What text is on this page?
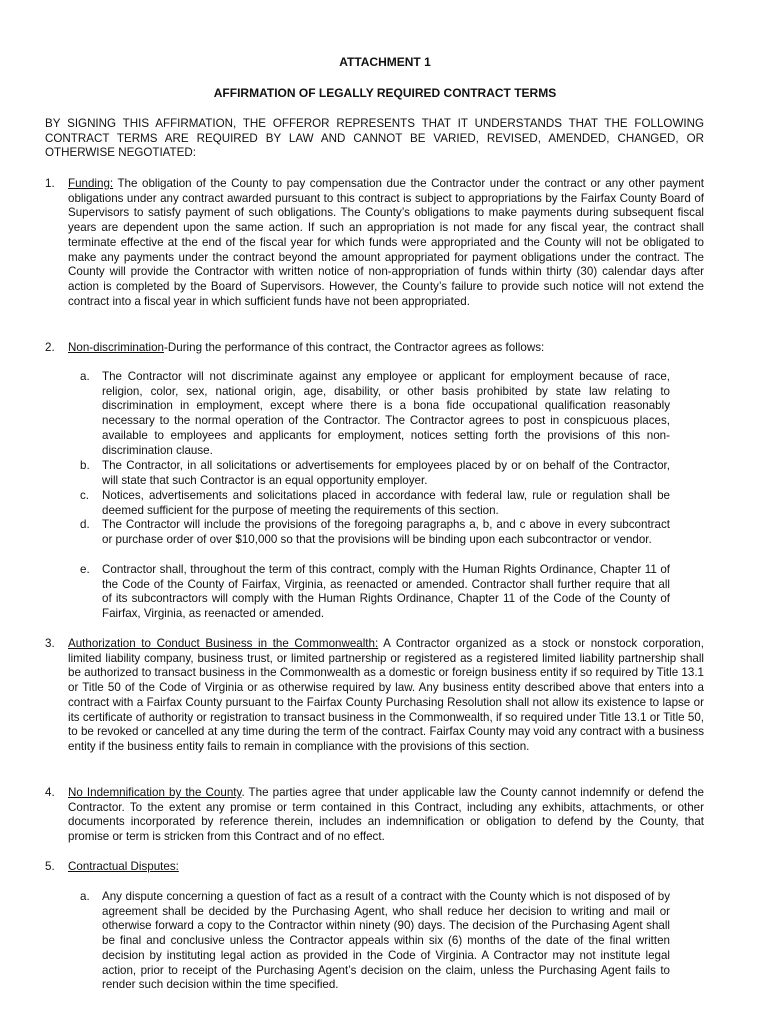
ATTACHMENT 1
AFFIRMATION OF LEGALLY REQUIRED CONTRACT TERMS
BY SIGNING THIS AFFIRMATION, THE OFFEROR REPRESENTS THAT IT UNDERSTANDS THAT THE FOLLOWING CONTRACT TERMS ARE REQUIRED BY LAW AND CANNOT BE VARIED, REVISED, AMENDED, CHANGED, OR OTHERWISE NEGOTIATED:
1.	Funding: The obligation of the County to pay compensation due the Contractor under the contract or any other payment obligations under any contract awarded pursuant to this contract is subject to appropriations by the Fairfax County Board of Supervisors to satisfy payment of such obligations. The County’s obligations to make payments during subsequent fiscal years are dependent upon the same action. If such an appropriation is not made for any fiscal year, the contract shall terminate effective at the end of the fiscal year for which funds were appropriated and the County will not be obligated to make any payments under the contract beyond the amount appropriated for payment obligations under the contract. The County will provide the Contractor with written notice of non-appropriation of funds within thirty (30) calendar days after action is completed by the Board of Supervisors. However, the County’s failure to provide such notice will not extend the contract into a fiscal year in which sufficient funds have not been appropriated.
2.	Non-discrimination-During the performance of this contract, the Contractor agrees as follows:
a.	The Contractor will not discriminate against any employee or applicant for employment because of race, religion, color, sex, national origin, age, disability, or other basis prohibited by state law relating to discrimination in employment, except where there is a bona fide occupational qualification reasonably necessary to the normal operation of the Contractor. The Contractor agrees to post in conspicuous places, available to employees and applicants for employment, notices setting forth the provisions of this non-discrimination clause.
b.	The Contractor, in all solicitations or advertisements for employees placed by or on behalf of the Contractor, will state that such Contractor is an equal opportunity employer.
c.	Notices, advertisements and solicitations placed in accordance with federal law, rule or regulation shall be deemed sufficient for the purpose of meeting the requirements of this section.
d.	The Contractor will include the provisions of the foregoing paragraphs a, b, and c above in every subcontract or purchase order of over $10,000 so that the provisions will be binding upon each subcontractor or vendor.
e.	Contractor shall, throughout the term of this contract, comply with the Human Rights Ordinance, Chapter 11 of the Code of the County of Fairfax, Virginia, as reenacted or amended. Contractor shall further require that all of its subcontractors will comply with the Human Rights Ordinance, Chapter 11 of the Code of the County of Fairfax, Virginia, as reenacted or amended.
3.	Authorization to Conduct Business in the Commonwealth: A Contractor organized as a stock or nonstock corporation, limited liability company, business trust, or limited partnership or registered as a registered limited liability partnership shall be authorized to transact business in the Commonwealth as a domestic or foreign business entity if so required by Title 13.1 or Title 50 of the Code of Virginia or as otherwise required by law. Any business entity described above that enters into a contract with a Fairfax County pursuant to the Fairfax County Purchasing Resolution shall not allow its existence to lapse or its certificate of authority or registration to transact business in the Commonwealth, if so required under Title 13.1 or Title 50, to be revoked or cancelled at any time during the term of the contract. Fairfax County may void any contract with a business entity if the business entity fails to remain in compliance with the provisions of this section.
4.	No Indemnification by the County. The parties agree that under applicable law the County cannot indemnify or defend the Contractor. To the extent any promise or term contained in this Contract, including any exhibits, attachments, or other documents incorporated by reference therein, includes an indemnification or obligation to defend by the County, that promise or term is stricken from this Contract and of no effect.
5.	Contractual Disputes:
a.	Any dispute concerning a question of fact as a result of a contract with the County which is not disposed of by agreement shall be decided by the Purchasing Agent, who shall reduce her decision to writing and mail or otherwise forward a copy to the Contractor within ninety (90) days. The decision of the Purchasing Agent shall be final and conclusive unless the Contractor appeals within six (6) months of the date of the final written decision by instituting legal action as provided in the Code of Virginia. A Contractor may not institute legal action, prior to receipt of the Purchasing Agent’s decision on the claim, unless the Purchasing Agent fails to render such decision within the time specified.
